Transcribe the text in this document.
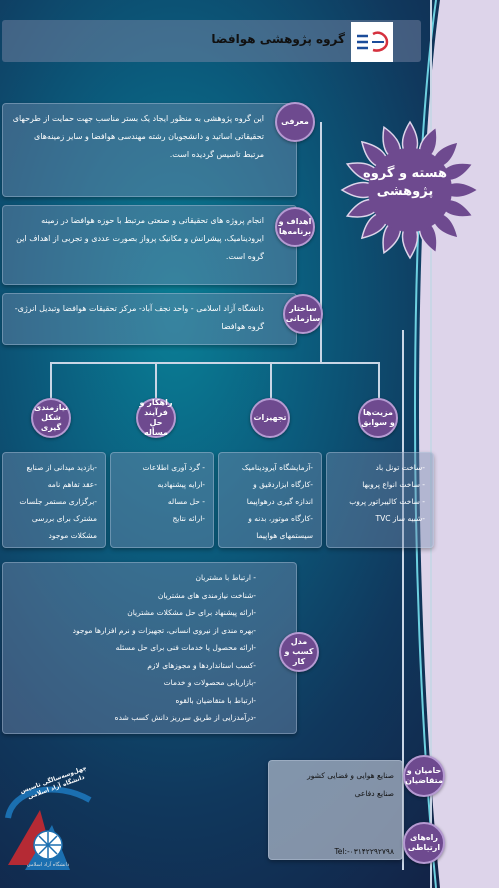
گروه پژوهشی هوافضا
هسته و گروه
پژوهشی
این گروه پژوهشی به منظور ایجاد یک بستر مناسب جهت حمایت از طرحهای تحقیقاتی اساتید و دانشجویان رشته مهندسی هوافضا و سایر زمینه‌های مرتبط تاسیس گردیده است.
معرفی
انجام پروژه های تحقیقاتی و صنعتی مرتبط با حوزه هوافضا در زمینه ایرودینامیک، پیشرانش و مکانیک پرواز بصورت عددی و تجربی از اهداف این گروه است.
اهداف و برنامه‌ها
دانشگاه آزاد اسلامی - واحد نجف آباد- مرکز تحقیقات هوافضا وتبدیل انرژی- گروه هوافضا
ساختار سازمانی
نیازمندی شکل گیری
راهکار و فرآیند حل مسأله
تجهیزات
مزیت‌ها و سوابق
-بازدید میدانی از صنایع
-عقد تفاهم نامه
-برگزاری مستمر جلسات
مشترک برای بررسی
مشکلات موجود
- گرد آوری اطلاعات
-ارایه پیشنهادیه
- حل مساله
-ارائه نتایج
-آزمایشگاه آیرودینامیک
-کارگاه ابزاردقیق و
اندازه گیری درهواپیما
-کارگاه موتور، بدنه و
سیستمهای هواپیما
-ساخت تونل باد
- ساخت انواع پروبها
- ساخت کالیبراتور پروب
-شبیه ساز TVC
- ارتباط با مشتریان
-شناخت نیازمندی های مشتریان
-ارائه پیشنهاد برای حل مشکلات مشتریان
-بهره مندی از نیروی انسانی، تجهیزات و نرم افزارها موجود
-ارائه محصول یا خدمات فنی برای حل مسئله
-کسب استانداردها و مجوزهای لازم
-بازاریابی محصولات و خدمات
-ارتباط با متقاضیان بالقوه
-درآمدزایی از طریق سرریز دانش کسب شده
مدل کسب و کار
صنایع هوایی و فضایی کشور
صنایع دفاعی
Tel:-۰۳۱۴۲۲۹۲۷۹۸
حامیان و متقاضیان
راه‌های ارتباطی
چهل‌وسه‌سالگی تاسیس دانشگاه آزاد اسلامی
دانشگاه آزاد اسلامی
